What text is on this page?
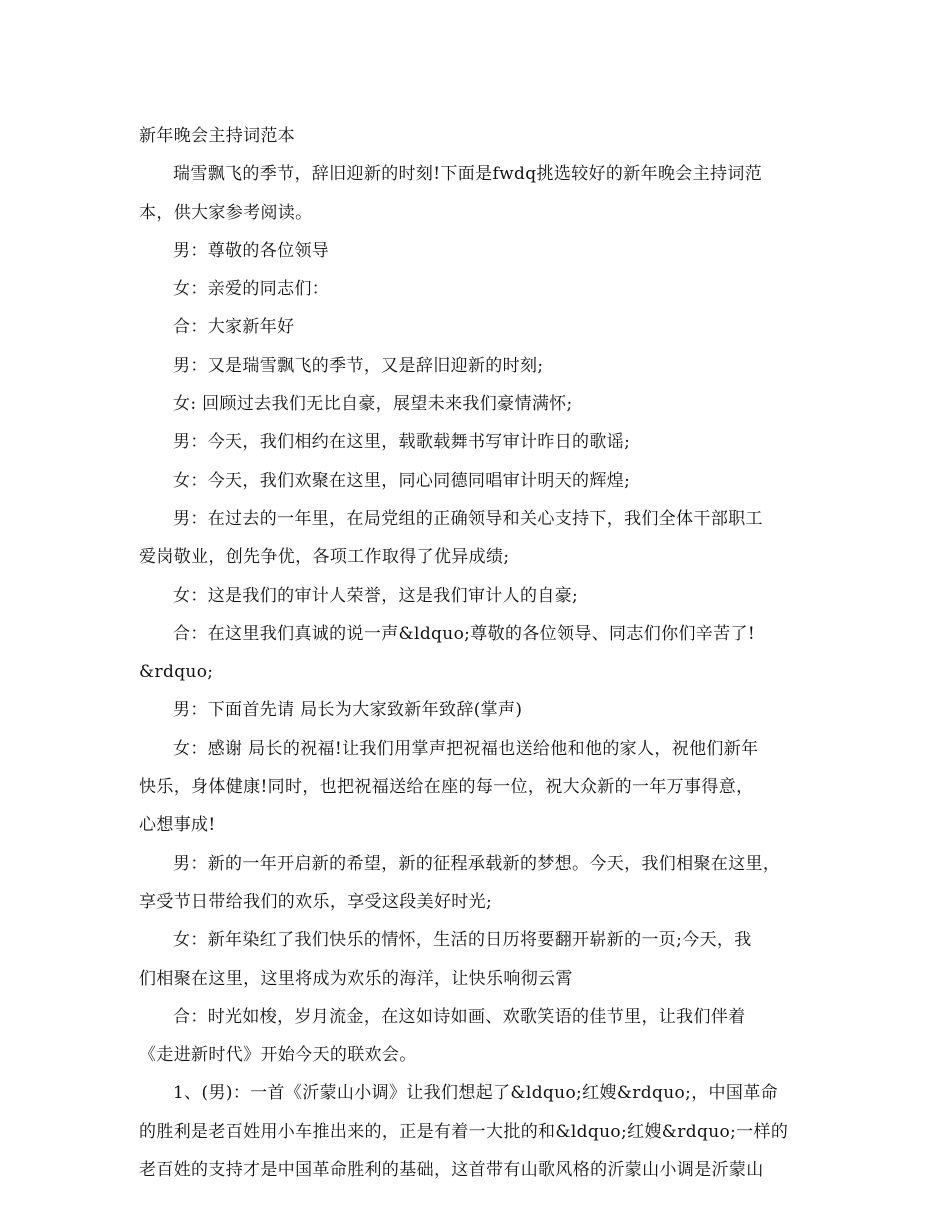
新年晚会主持词范本
瑞雪飘飞的季节，辞旧迎新的时刻!下面是fwdq挑选较好的新年晚会主持词范
本，供大家参考阅读。
男：尊敬的各位领导
女：亲爱的同志们：
合：大家新年好
男：又是瑞雪飘飞的季节，又是辞旧迎新的时刻;
女: 回顾过去我们无比自豪，展望未来我们豪情满怀;
男：今天，我们相约在这里，载歌载舞书写审计昨日的歌谣;
女：今天，我们欢聚在这里，同心同德同唱审计明天的辉煌;
男：在过去的一年里，在局党组的正确领导和关心支持下，我们全体干部职工
爱岗敬业，创先争优，各项工作取得了优异成绩;
女：这是我们的审计人荣誉，这是我们审计人的自豪;
合：在这里我们真诚的说一声&ldquo;尊敬的各位领导、同志们你们辛苦了!
&rdquo;
男：下面首先请 局长为大家致新年致辞(掌声)
女：感谢 局长的祝福!让我们用掌声把祝福也送给他和他的家人，祝他们新年
快乐，身体健康!同时，也把祝福送给在座的每一位，祝大众新的一年万事得意，
心想事成!
男：新的一年开启新的希望，新的征程承载新的梦想。今天，我们相聚在这里，
享受节日带给我们的欢乐，享受这段美好时光;
女：新年染红了我们快乐的情怀，生活的日历将要翻开崭新的一页;今天，我
们相聚在这里，这里将成为欢乐的海洋，让快乐响彻云霄
合：时光如梭，岁月流金，在这如诗如画、欢歌笑语的佳节里，让我们伴着
《走进新时代》开始今天的联欢会。
1、(男)：一首《沂蒙山小调》让我们想起了&ldquo;红嫂&rdquo;，中国革命
的胜利是老百姓用小车推出来的，正是有着一大批的和&ldquo;红嫂&rdquo;一样的
老百姓的支持才是中国革命胜利的基础，这首带有山歌风格的沂蒙山小调是沂蒙山
